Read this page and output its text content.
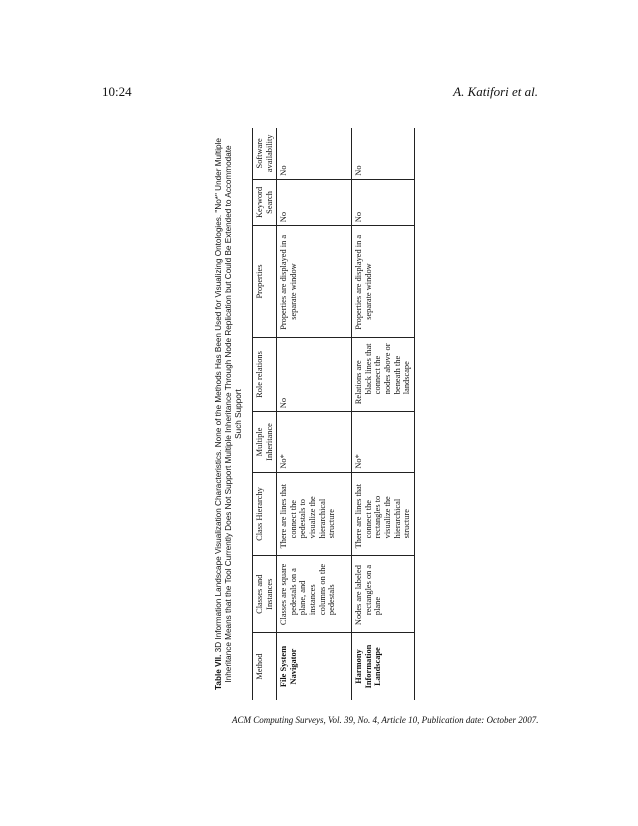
10:24	A. Katifori et al.
Table VII. 3D Information Landscape Visualization Characteristics. None of the Methods Has Been Used for Visualizing Ontologies. "No*" Under Multiple Inheritance Means that the Tool Currently Does Not Support Multiple Inheritance Through Node Replication but Could Be Extended to Accommodate Such Support
Method	Classes and Instances	Class Hierarchy	Multiple Inheritance	Role relations	Properties	Keyword Search	Software availability
File System Navigator	Classes are square pedestals on a plane, and instances columns on the pedestals	There are lines that connect the pedestals to visualize the hierarchical structure	No*	No	Properties are displayed in a separate window	No	No
Harmony Information Landscape	Nodes are labeled rectangles on a plane	There are lines that connect the rectangles to visualize the hierarchical structure	No*	Relations are black lines that connect the nodes above or beneath the landscape	Properties are displayed in a separate window	No	No
ACM Computing Surveys, Vol. 39, No. 4, Article 10, Publication date: October 2007.
